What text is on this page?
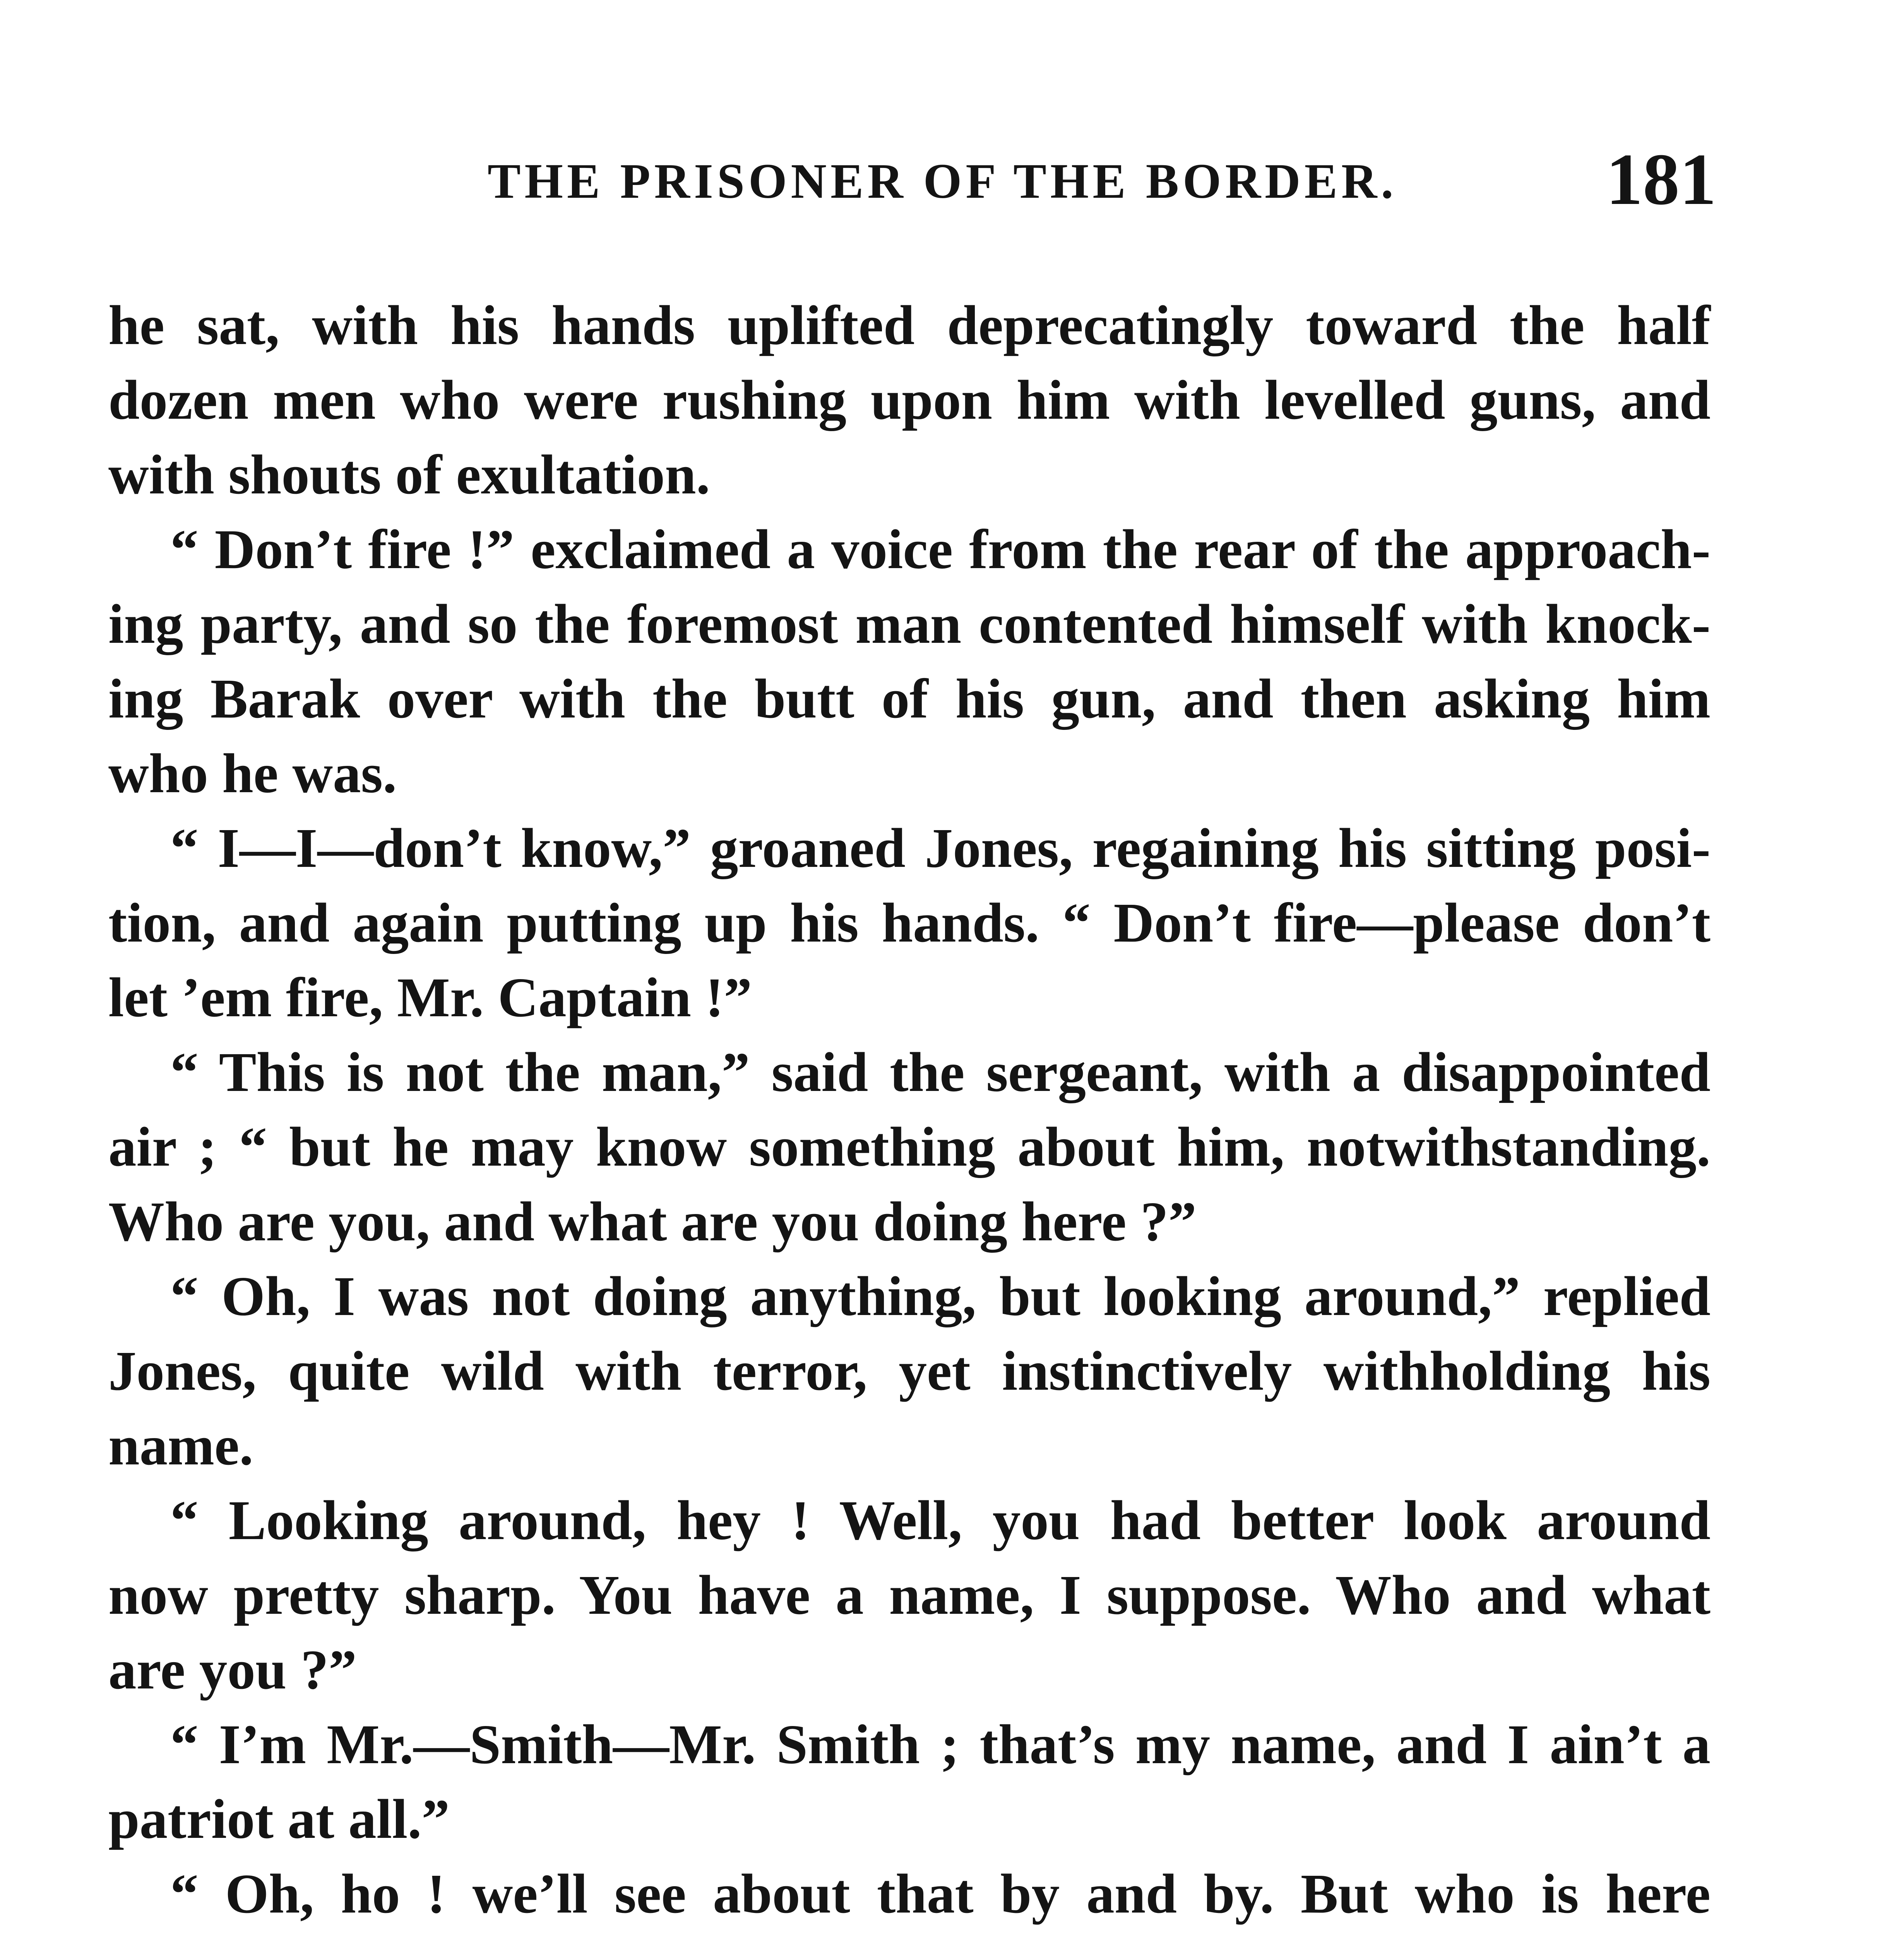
THE PRISONER OF THE BORDER.	181
he sat, with his hands uplifted deprecatingly toward the half
dozen men who were rushing upon him with levelled guns, and
with shouts of exultation.
“ Don’t fire !” exclaimed a voice from the rear of the approach-
ing party, and so the foremost man contented himself with knock-
ing Barak over with the butt of his gun, and then asking him
who he was.
“ I—I—don’t know,” groaned Jones, regaining his sitting posi-
tion, and again putting up his hands. “ Don’t fire—please don’t
let ’em fire, Mr. Captain !”
“ This is not the man,” said the sergeant, with a disappointed
air ; “ but he may know something about him, notwithstanding.
Who are you, and what are you doing here ?”
“ Oh, I was not doing anything, but looking around,” replied
Jones, quite wild with terror, yet instinctively withholding his
name.
“ Looking around, hey ! Well, you had better look around
now pretty sharp. You have a name, I suppose. Who and what
are you ?”
“ I’m Mr.—Smith—Mr. Smith ; that’s my name, and I ain’t a
patriot at all.”
“ Oh, ho ! we’ll see about that by and by. But who is here
